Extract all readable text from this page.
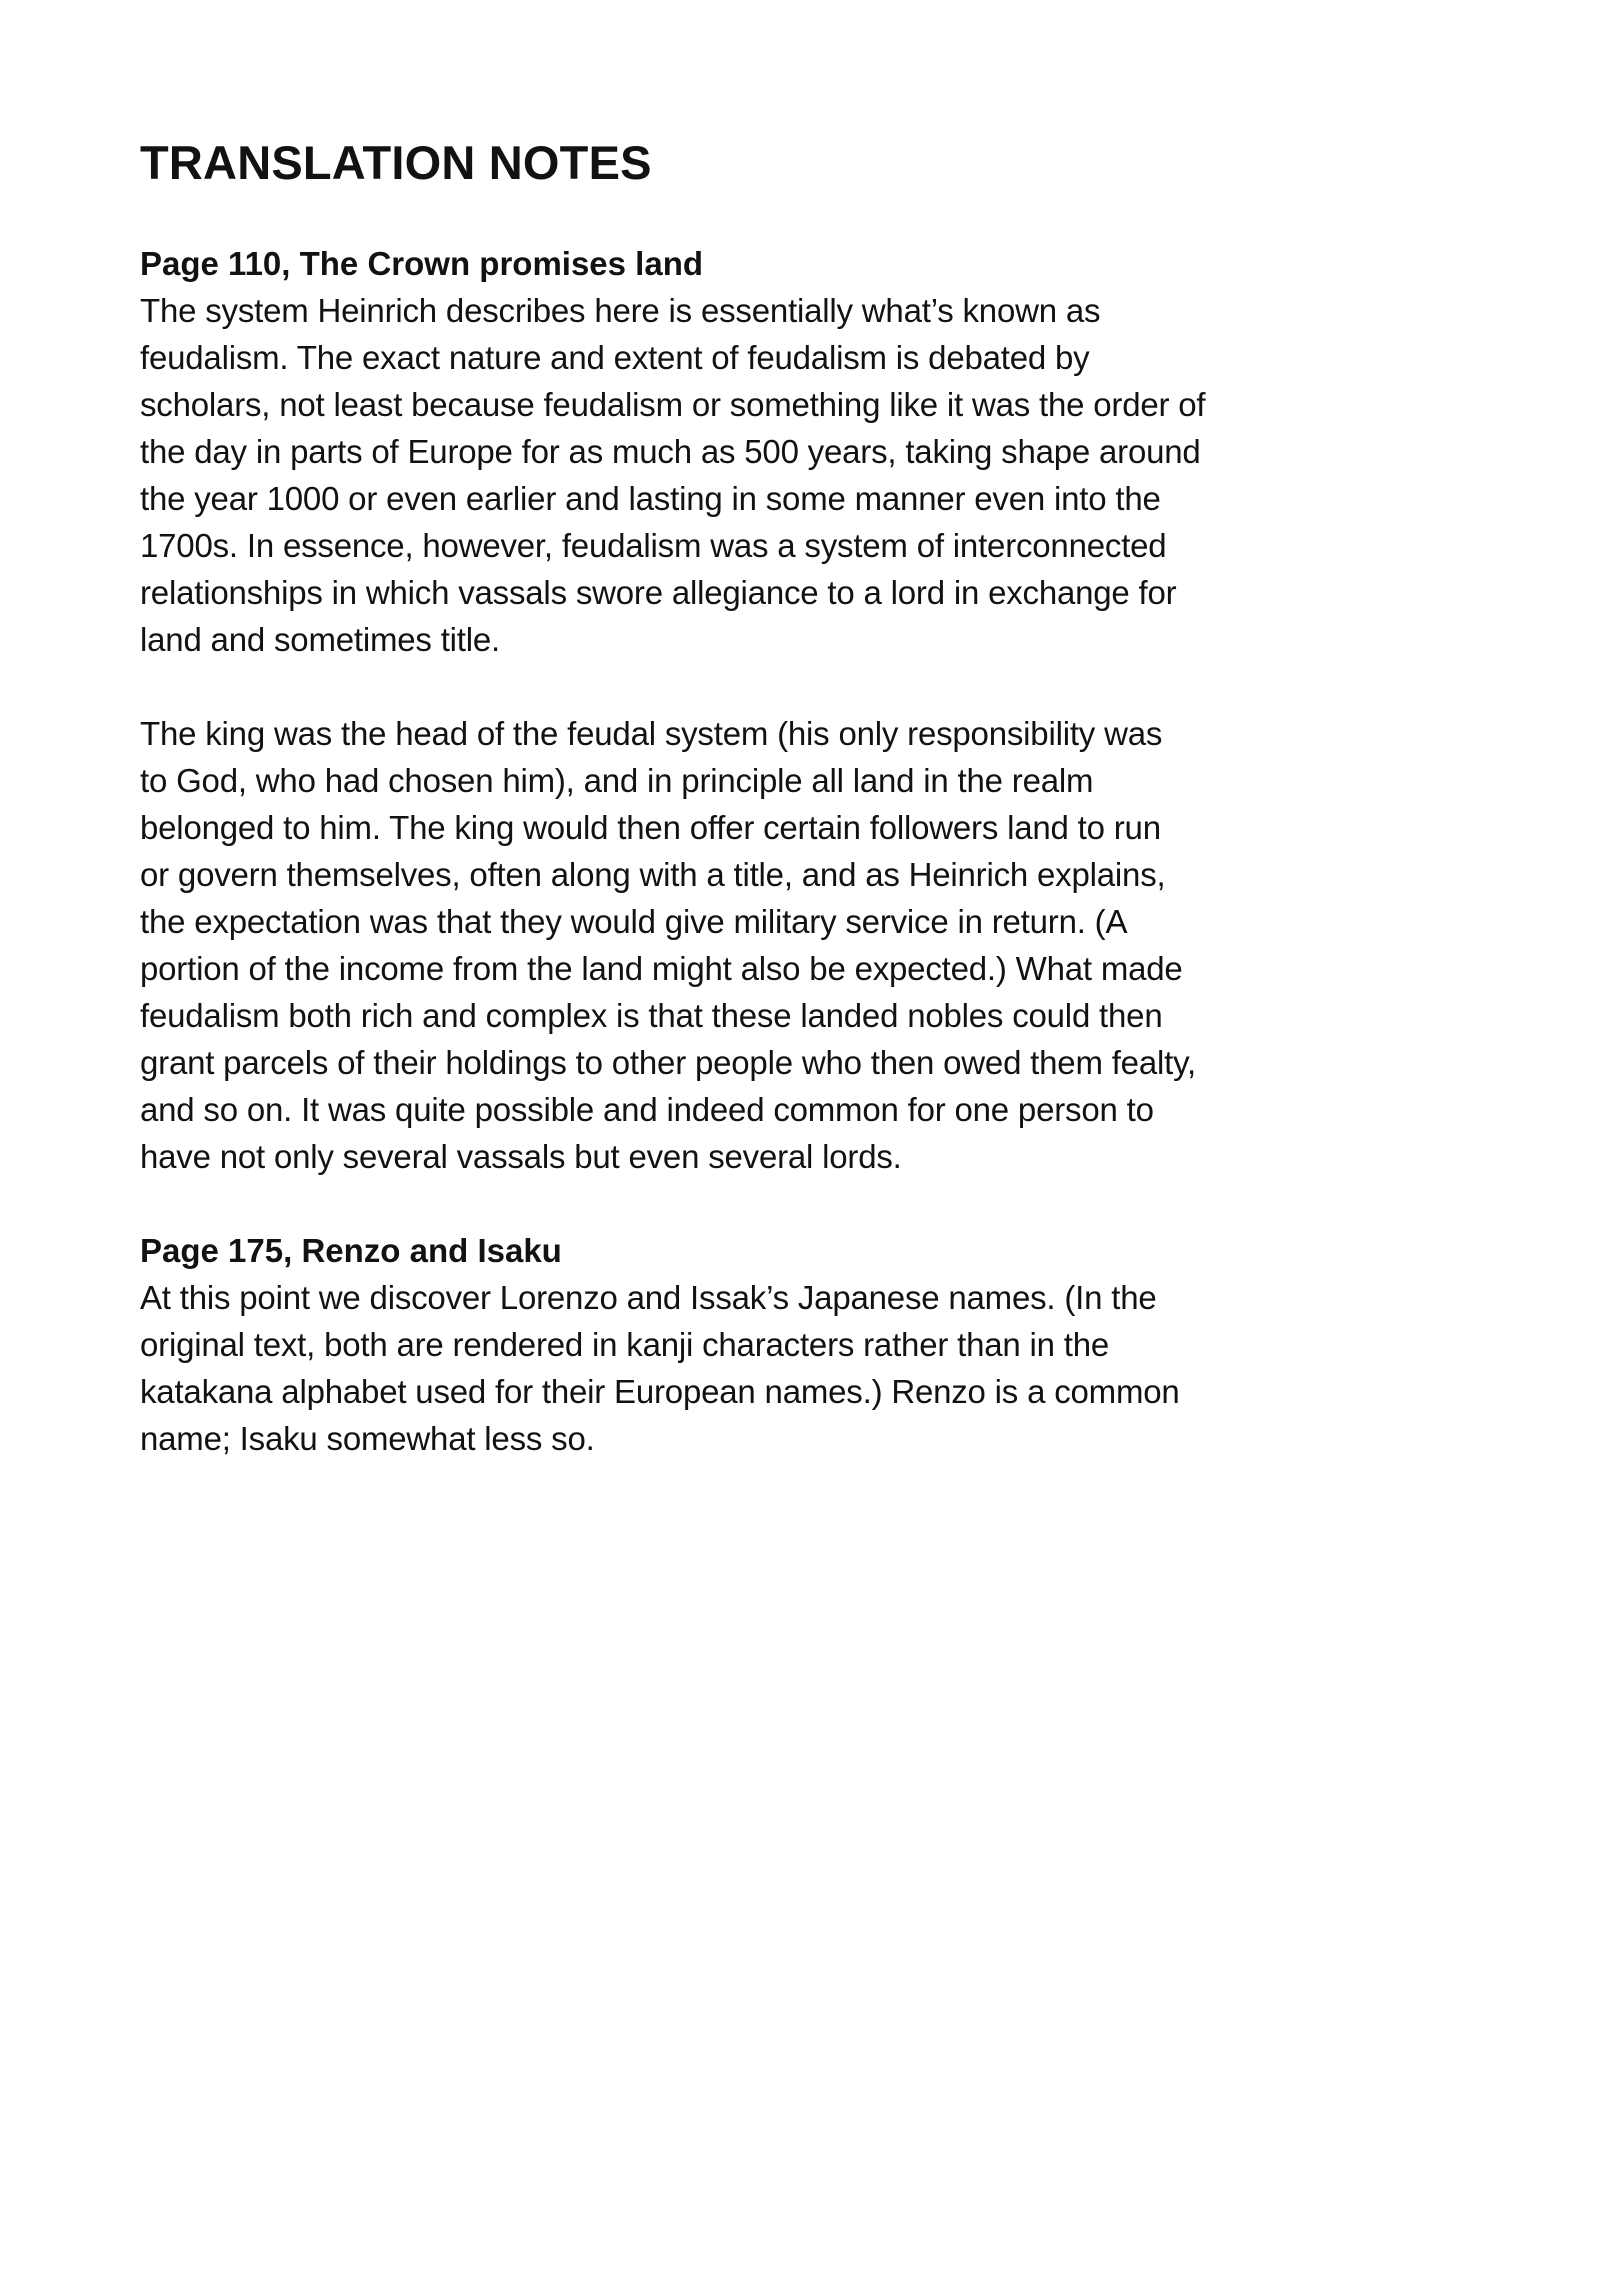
TRANSLATION NOTES
Page 110, The Crown promises land
The system Heinrich describes here is essentially what’s known as
feudalism. The exact nature and extent of feudalism is debated by
scholars, not least because feudalism or something like it was the order of
the day in parts of Europe for as much as 500 years, taking shape around
the year 1000 or even earlier and lasting in some manner even into the
1700s. In essence, however, feudalism was a system of interconnected
relationships in which vassals swore allegiance to a lord in exchange for
land and sometimes title.
The king was the head of the feudal system (his only responsibility was
to God, who had chosen him), and in principle all land in the realm
belonged to him. The king would then offer certain followers land to run
or govern themselves, often along with a title, and as Heinrich explains,
the expectation was that they would give military service in return. (A
portion of the income from the land might also be expected.) What made
feudalism both rich and complex is that these landed nobles could then
grant parcels of their holdings to other people who then owed them fealty,
and so on. It was quite possible and indeed common for one person to
have not only several vassals but even several lords.
Page 175, Renzo and Isaku
At this point we discover Lorenzo and Issak’s Japanese names. (In the
original text, both are rendered in kanji characters rather than in the
katakana alphabet used for their European names.) Renzo is a common
name; Isaku somewhat less so.
